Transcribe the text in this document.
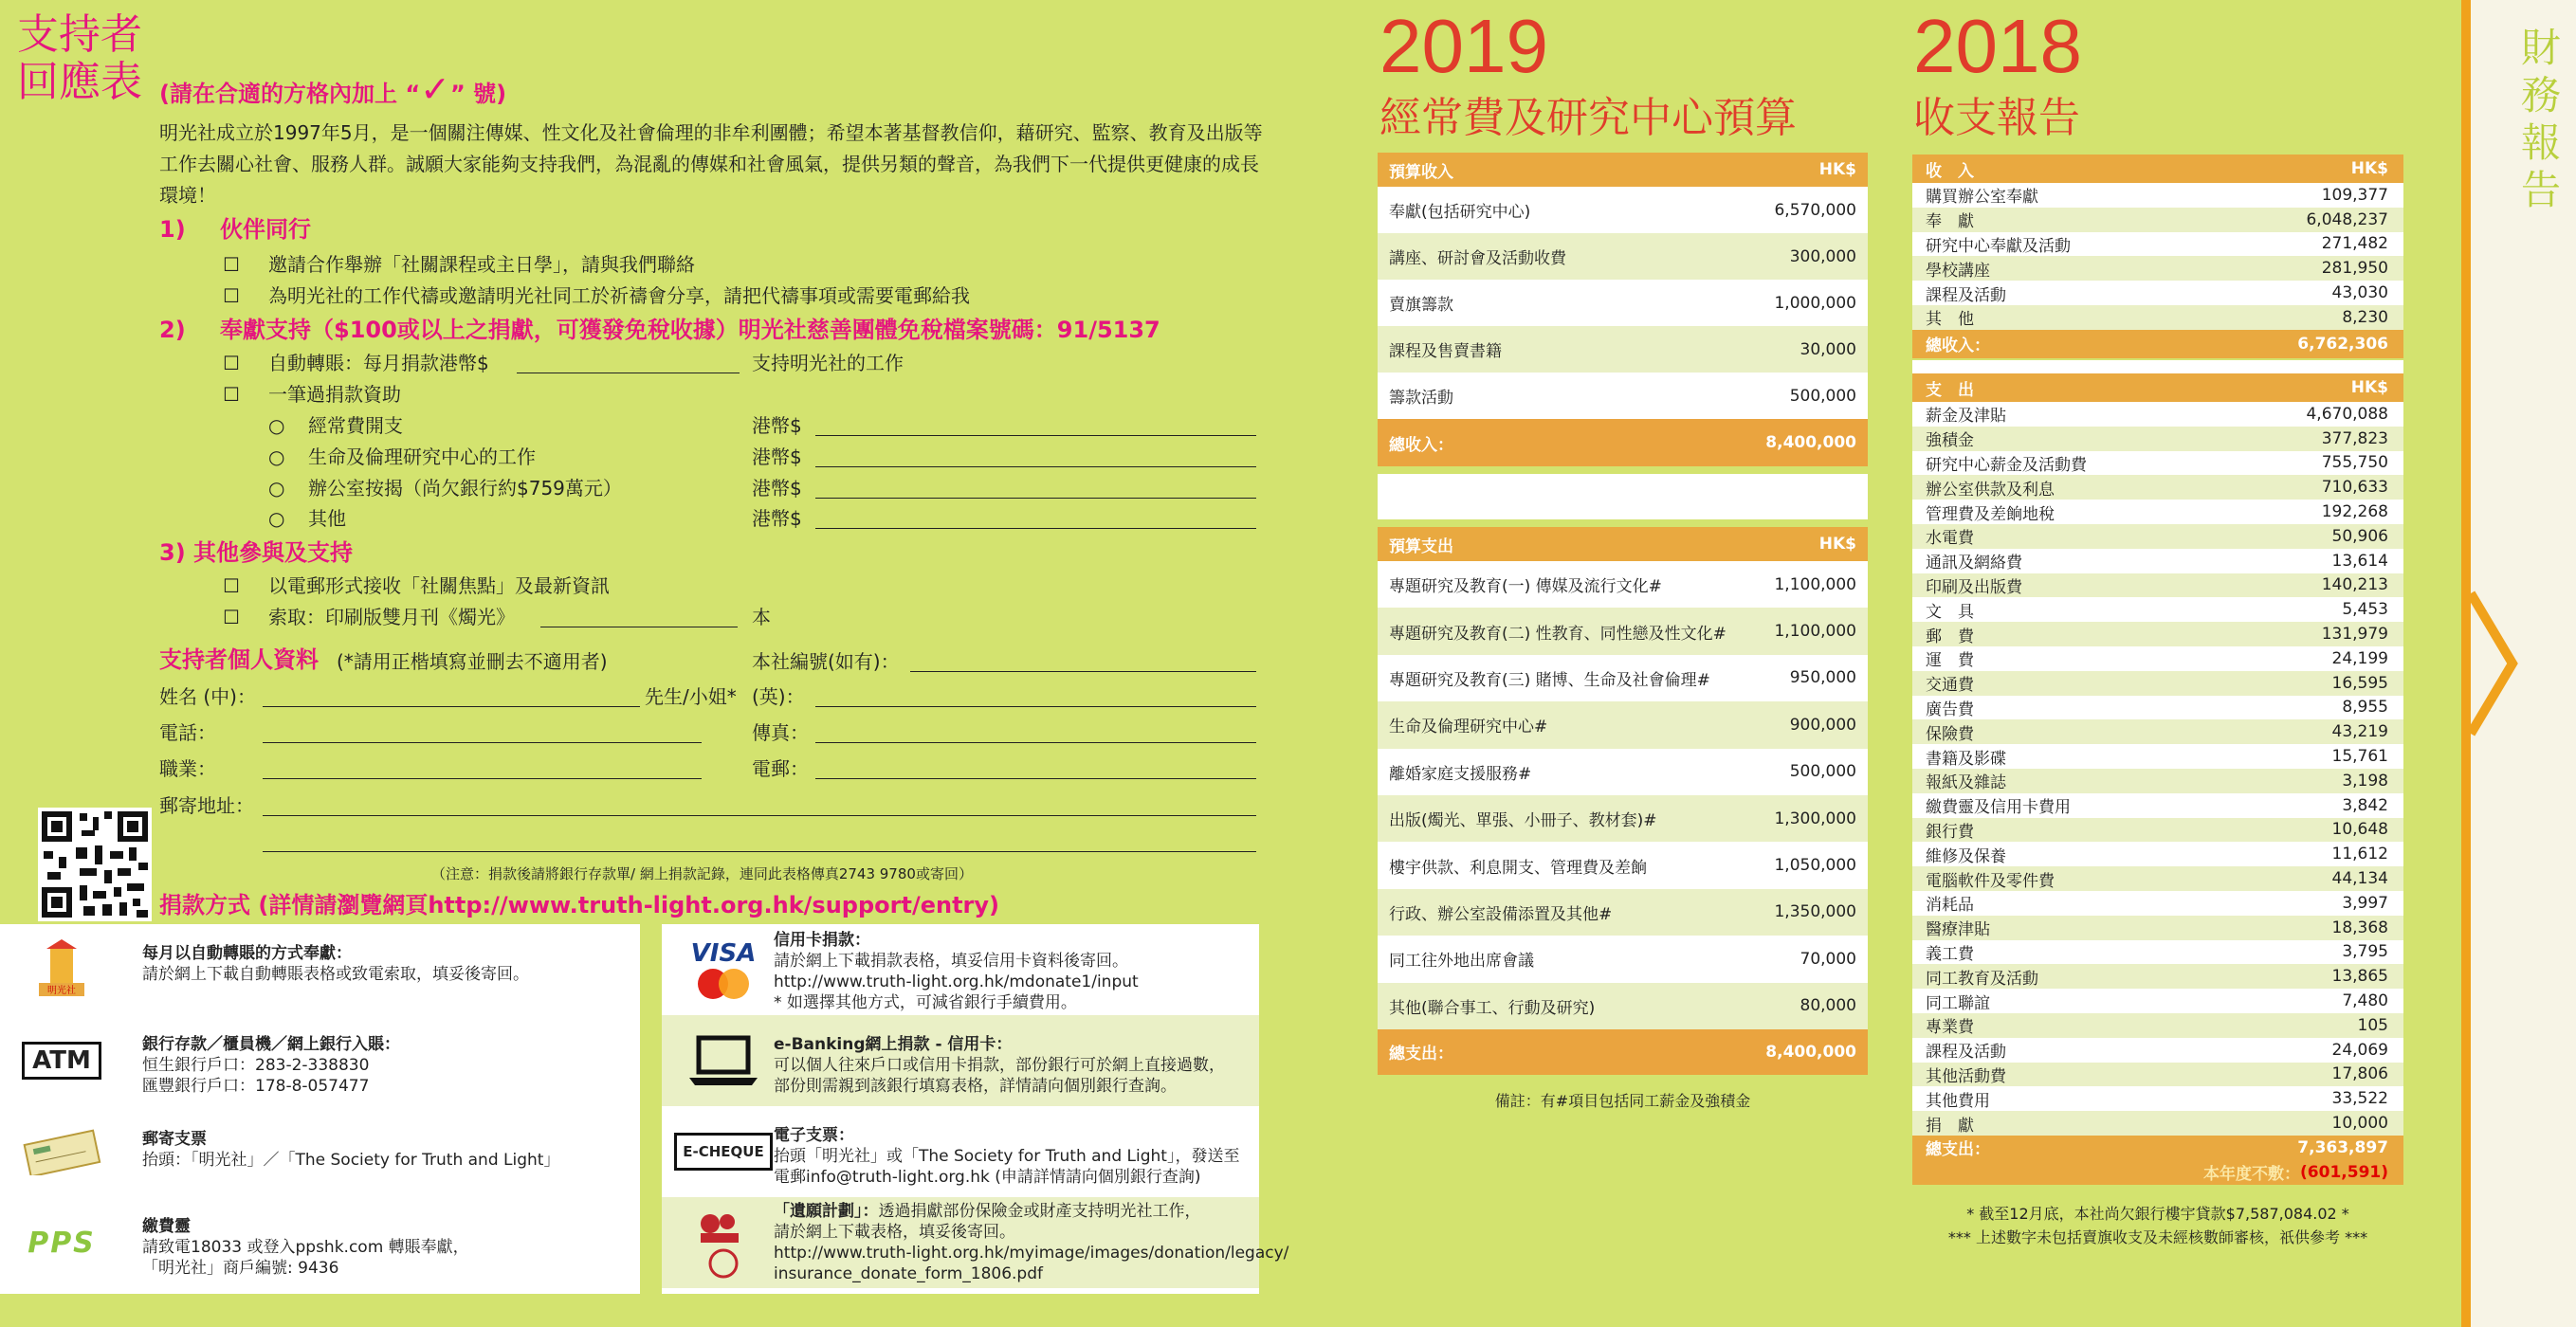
支持者
回應表 (請在合適的方格內加上 “✓” 號)
明光社成立於1997年5月，是一個關注傳媒、性文化及社會倫理的非牟利團體；希望本著基督教信仰，藉研究、監察、教育及出版等工作去關心社會、服務人群。誠願大家能夠支持我們，為混亂的傳媒和社會風氣，提供另類的聲音，為我們下一代提供更健康的成長環境！
1) 伙伴同行
☐ 邀請合作舉辦「社關課程或主日學」，請與我們聯絡
☐ 為明光社的工作代禱或邀請明光社同工於祈禱會分享，請把代禱事項或需要電郵給我
2) 奉獻支持（$100或以上之捐獻，可獲發免稅收據）明光社慈善團體免稅檔案號碼：91/5137
☐ 自動轉賬：每月捐款港幣$	支持明光社的工作
☐ 一筆過捐款資助
○ 經常費開支	港幣$
○ 生命及倫理研究中心的工作	港幣$
○ 辦公室按揭（尚欠銀行約$759萬元）	港幣$
○ 其他	港幣$
3) 其他參與及支持
☐ 以電郵形式接收「社關焦點」及最新資訊
☐ 索取：印刷版雙月刊《燭光》	本
支持者個人資料 (*請用正楷填寫並刪去不適用者)	本社編號(如有)：
姓名 (中)：	先生/小姐* (英)：
電話：	傳真：
職業：	電郵：
郵寄地址：
（注意：捐款後請將銀行存款單/ 網上捐款記錄，連同此表格傳真2743 9780或寄回）
捐款方式 (詳情請瀏覽網頁http://www.truth-light.org.hk/support/entry)
明光社
每月以自動轉賬的方式奉獻：
請於網上下載自動轉賬表格或致電索取，填妥後寄回。
ATM
銀行存款／櫃員機／網上銀行入賬：
恒生銀行戶口：283-2-338830
匯豐銀行戶口：178-8-057477
郵寄支票
抬頭：「明光社」／「The Society for Truth and Light」
PPS	繳費靈
請致電18033 或登入ppshk.com 轉賬奉獻，
「明光社」商戶編號: 9436
VISA 信用卡捐款：
請於網上下載捐款表格，填妥信用卡資料後寄回。
http://www.truth-light.org.hk/mdonate1/input
* 如選擇其他方式，可減省銀行手續費用。
e-Banking網上捐款 - 信用卡：
可以個人往來戶口或信用卡捐款，部份銀行可於網上直接過數，
部份則需親到該銀行填寫表格，詳情請向個別銀行查詢。
E-CHEQUE
電子支票：
抬頭「明光社」或「The Society for Truth and Light」，發送至
電郵info@truth-light.org.hk (申請詳情請向個別銀行查詢)
「遺願計劃」：透過捐獻部份保險金或財產支持明光社工作，
請於網上下載表格，填妥後寄回。
http://www.truth-light.org.hk/myimage/images/donation/legacy/
insurance_donate_form_1806.pdf
2019
經常費及研究中心預算
預算收入	HK$
奉獻(包括研究中心)	6,570,000
講座、研討會及活動收費	300,000
賣旗籌款	1,000,000
課程及售賣書籍	30,000
籌款活動	500,000
總收入：	8,400,000
預算支出	HK$
專題研究及教育(一) 傳媒及流行文化#	1,100,000
專題研究及教育(二) 性教育、同性戀及性文化#	1,100,000
專題研究及教育(三) 賭博、生命及社會倫理#	950,000
生命及倫理研究中心#	900,000
離婚家庭支援服務#	500,000
出版(燭光、單張、小冊子、教材套)#	1,300,000
樓宇供款、利息開支、管理費及差餉	1,050,000
行政、辦公室設備添置及其他#	1,350,000
同工往外地出席會議	70,000
其他(聯合事工、行動及研究)	80,000
總支出：	8,400,000
備註：有#項目包括同工薪金及強積金
2018
收支報告
收　入	HK$
購買辦公室奉獻	109,377
奉　獻	6,048,237
研究中心奉獻及活動	271,482
學校講座	281,950
課程及活動	43,030
其　他	8,230
總收入：	6,762,306
支　出	HK$
薪金及津貼	4,670,088
強積金	377,823
研究中心薪金及活動費	755,750
辦公室供款及利息	710,633
管理費及差餉地稅	192,268
水電費	50,906
通訊及網絡費	13,614
印刷及出版費	140,213
文　具	5,453
郵　費	131,979
運　費	24,199
交通費	16,595
廣告費	8,955
保險費	43,219
書籍及影碟	15,761
報紙及雜誌	3,198
繳費靈及信用卡費用	3,842
銀行費	10,648
維修及保養	11,612
電腦軟件及零件費	44,134
消耗品	3,997
醫療津貼	18,368
義工費	3,795
同工教育及活動	13,865
同工聯誼	7,480
專業費	105
課程及活動	24,069
其他活動費	17,806
其他費用	33,522
捐　獻	10,000
總支出：	7,363,897
本年度不敷： (601,591)
* 截至12月底，本社尚欠銀行樓宇貸款$7,587,084.02 *
*** 上述數字未包括賣旗收支及未經核數師審核，祇供參考 ***
財務報告
